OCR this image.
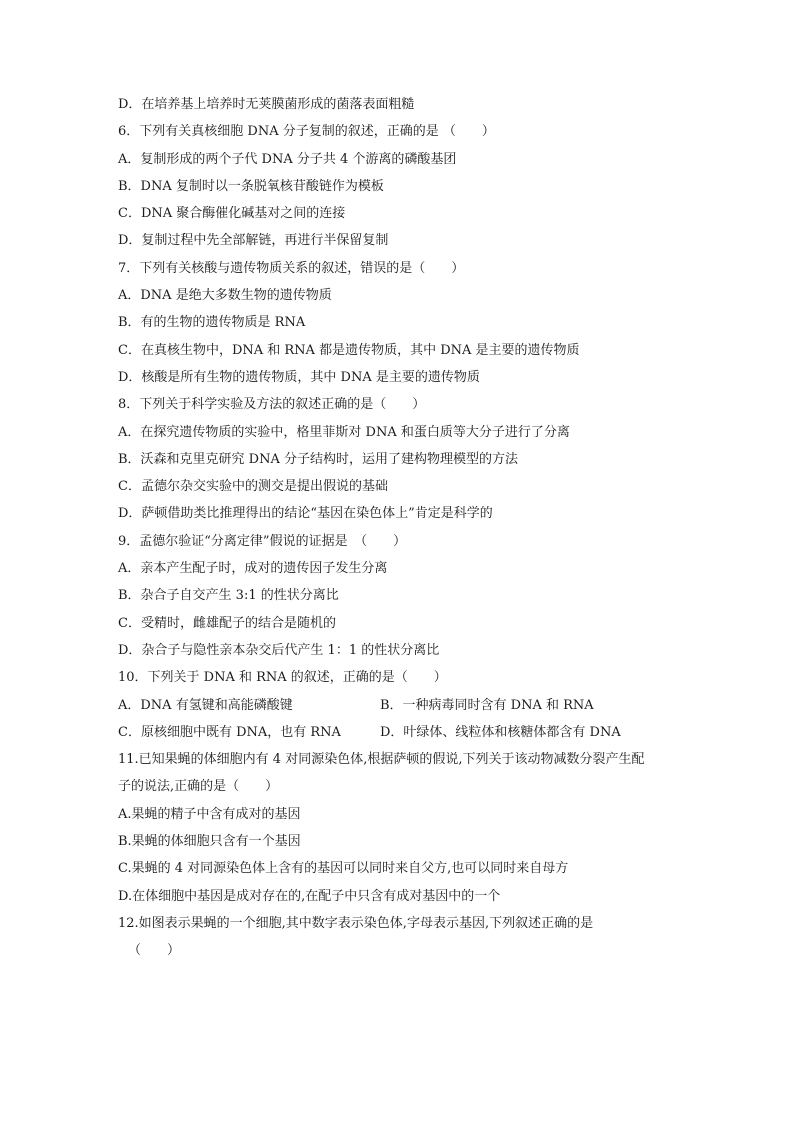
D．在培养基上培养时无荚膜菌形成的菌落表面粗糙
6．下列有关真核细胞 DNA 分子复制的叙述，正确的是 （　　）
A．复制形成的两个子代 DNA 分子共 4 个游离的磷酸基团
B．DNA 复制时以一条脱氧核苷酸链作为模板
C．DNA 聚合酶催化碱基对之间的连接
D．复制过程中先全部解链，再进行半保留复制
7．下列有关核酸与遗传物质关系的叙述，错误的是（　　）
A．DNA 是绝大多数生物的遗传物质
B．有的生物的遗传物质是 RNA
C．在真核生物中，DNA 和 RNA 都是遗传物质，其中 DNA 是主要的遗传物质
D．核酸是所有生物的遗传物质，其中 DNA 是主要的遗传物质
8．下列关于科学实验及方法的叙述正确的是（　　）
A．在探究遗传物质的实验中，格里菲斯对 DNA 和蛋白质等大分子进行了分离
B．沃森和克里克研究 DNA 分子结构时，运用了建构物理模型的方法
C．孟德尔杂交实验中的测交是提出假说的基础
D．萨顿借助类比推理得出的结论“基因在染色体上”肯定是科学的
9．孟德尔验证“分离定律”假说的证据是　（　　）
A．亲本产生配子时，成对的遗传因子发生分离
B．杂合子自交产生 3:1 的性状分离比
C．受精时，雌雄配子的结合是随机的
D．杂合子与隐性亲本杂交后代产生 1：1 的性状分离比
10．下列关于 DNA 和 RNA 的叙述，正确的是（　　）
A．DNA 有氢键和高能磷酸键	B．一种病毒同时含有 DNA 和 RNA
C．原核细胞中既有 DNA，也有 RNA	D．叶绿体、线粒体和核糖体都含有 DNA
11.已知果蝇的体细胞内有 4 对同源染色体,根据萨顿的假说,下列关于该动物减数分裂产生配
子的说法,正确的是（　　）
A.果蝇的精子中含有成对的基因
B.果蝇的体细胞只含有一个基因
C.果蝇的 4 对同源染色体上含有的基因可以同时来自父方,也可以同时来自母方
D.在体细胞中基因是成对存在的,在配子中只含有成对基因中的一个
12.如图表示果蝇的一个细胞,其中数字表示染色体,字母表示基因,下列叙述正确的是
（　　）
